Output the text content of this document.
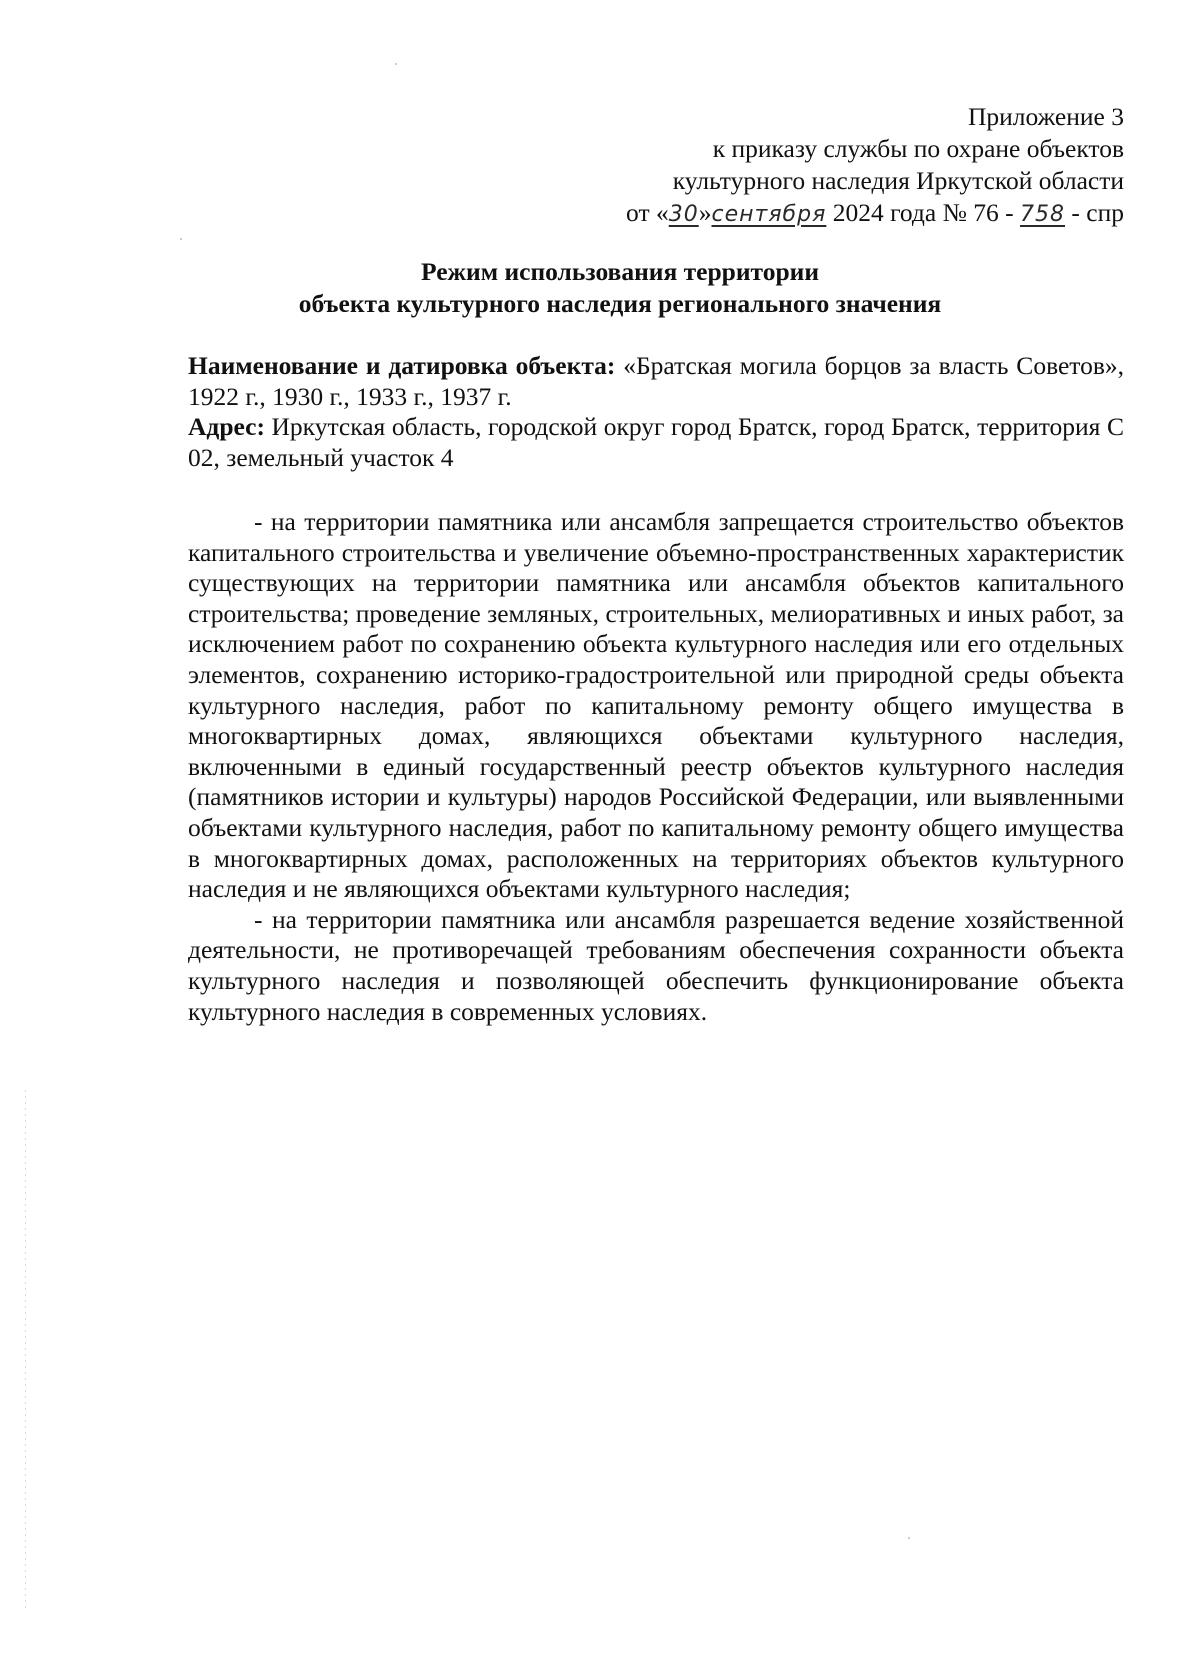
Приложение 3
к приказу службы по охране объектов
культурного наследия Иркутской области
от «30»сентября 2024 года № 76 - 758 - спр
Режим использования территории
объекта культурного наследия регионального значения

Наименование и датировка объекта: «Братская могила борцов за власть Советов», 1922 г., 1930 г., 1933 г., 1937 г.

Адрес: Иркутская область, городской округ город Братск, город Братск, территория С 02, земельный участок 4

- на территории памятника или ансамбля запрещается строительство объектов капитального строительства и увеличение объемно-пространственных характеристик существующих на территории памятника или ансамбля объектов капитального строительства; проведение земляных, строительных, мелиоративных и иных работ, за исключением работ по сохранению объекта культурного наследия или его отдельных элементов, сохранению историко-градостроительной или природной среды объекта культурного наследия, работ по капитальному ремонту общего имущества в многоквартирных домах, являющихся объектами культурного наследия, включенными в единый государственный реестр объектов культурного наследия (памятников истории и культуры) народов Российской Федерации, или выявленными объектами культурного наследия, работ по капитальному ремонту общего имущества в многоквартирных домах, расположенных на территориях объектов культурного наследия и не являющихся объектами культурного наследия;

- на территории памятника или ансамбля разрешается ведение хозяйственной деятельности, не противоречащей требованиям обеспечения сохранности объекта культурного наследия и позволяющей обеспечить функционирование объекта культурного наследия в современных условиях.
